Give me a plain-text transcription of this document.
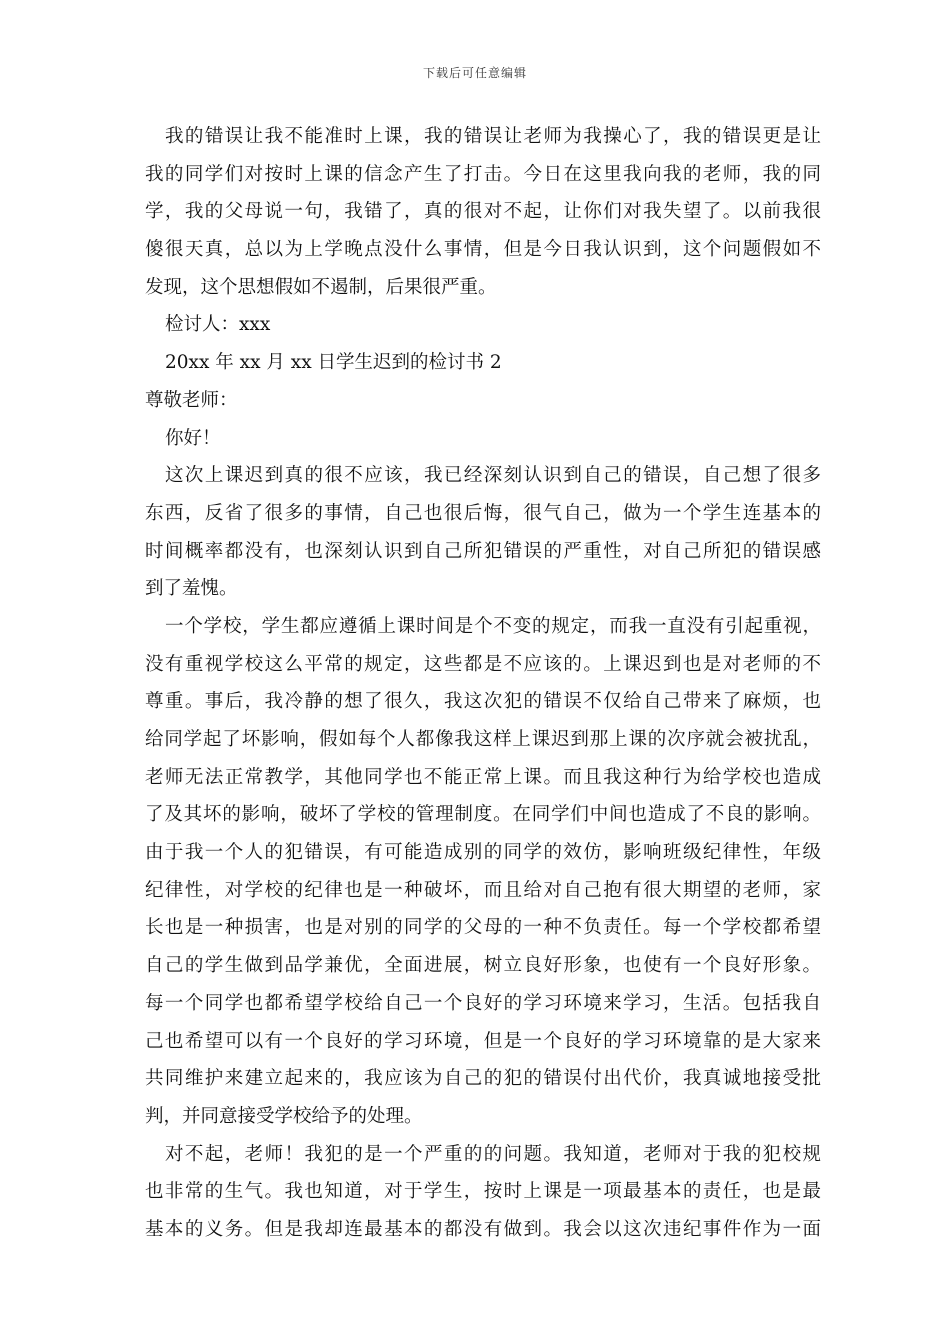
下载后可任意编辑
我的错误让我不能准时上课，我的错误让老师为我操心了，我的错误更是让
我的同学们对按时上课的信念产生了打击。今日在这里我向我的老师，我的同
学，我的父母说一句，我错了，真的很对不起，让你们对我失望了。以前我很
傻很天真，总以为上学晚点没什么事情，但是今日我认识到，这个问题假如不
发现，这个思想假如不遏制，后果很严重。
检讨人：xxx
20xx 年 xx 月 xx 日学生迟到的检讨书 2
尊敬老师：
你好！
这次上课迟到真的很不应该，我已经深刻认识到自己的错误，自己想了很多
东西，反省了很多的事情，自己也很后悔，很气自己，做为一个学生连基本的
时间概率都没有，也深刻认识到自己所犯错误的严重性，对自己所犯的错误感
到了羞愧。
一个学校，学生都应遵循上课时间是个不变的规定，而我一直没有引起重视，
没有重视学校这么平常的规定，这些都是不应该的。上课迟到也是对老师的不
尊重。事后，我冷静的想了很久，我这次犯的错误不仅给自己带来了麻烦，也
给同学起了坏影响，假如每个人都像我这样上课迟到那上课的次序就会被扰乱，
老师无法正常教学，其他同学也不能正常上课。而且我这种行为给学校也造成
了及其坏的影响，破坏了学校的管理制度。在同学们中间也造成了不良的影响。
由于我一个人的犯错误，有可能造成别的同学的效仿，影响班级纪律性，年级
纪律性，对学校的纪律也是一种破坏，而且给对自己抱有很大期望的老师，家
长也是一种损害，也是对别的同学的父母的一种不负责任。每一个学校都希望
自己的学生做到品学兼优，全面进展，树立良好形象，也使有一个良好形象。
每一个同学也都希望学校给自己一个良好的学习环境来学习，生活。包括我自
己也希望可以有一个良好的学习环境，但是一个良好的学习环境靠的是大家来
共同维护来建立起来的，我应该为自己的犯的错误付出代价，我真诚地接受批
判，并同意接受学校给予的处理。
对不起，老师！我犯的是一个严重的的问题。我知道，老师对于我的犯校规
也非常的生气。我也知道，对于学生，按时上课是一项最基本的责任，也是最
基本的义务。但是我却连最基本的都没有做到。我会以这次违纪事件作为一面
